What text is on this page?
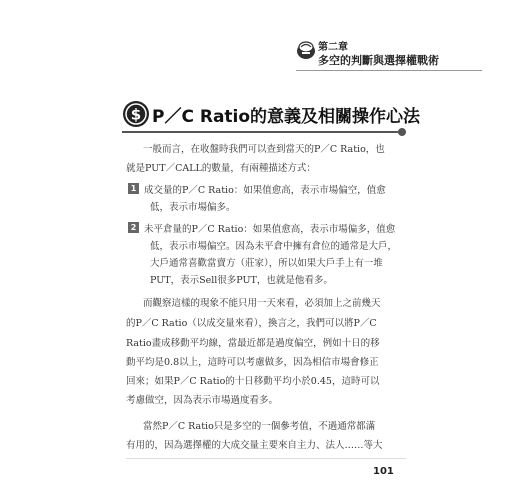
第二章
多空的判斷與選擇權戰術
$ P／C Ratio的意義及相關操作心法
一般而言，在收盤時我們可以查到當天的P／C Ratio，也
就是PUT／CALL的數量，有兩種描述方式：
1 成交量的P／C Ratio：如果值愈高，表示市場偏空，值愈
低，表示市場偏多。
2 未平倉量的P／C Ratio：如果值愈高，表示市場偏多，值愈
低，表示市場偏空。因為未平倉中擁有倉位的通常是大戶，
大戶通常喜歡當賣方（莊家），所以如果大戶手上有一堆
PUT，表示Sell很多PUT，也就是他看多。
而觀察這樣的現象不能只用一天來看，必須加上之前幾天
的P／C Ratio（以成交量來看），換言之，我們可以將P／C
Ratio畫成移動平均線，當最近都是過度偏空，例如十日的移
動平均是0.8以上，這時可以考慮做多，因為相信市場會修正
回來；如果P／C Ratio的十日移動平均小於0.45，這時可以
考慮做空，因為表示市場過度看多。
當然P／C Ratio只是多空的一個參考值，不過通常都滿
有用的，因為選擇權的大成交量主要來自主力、法人……等大
101
